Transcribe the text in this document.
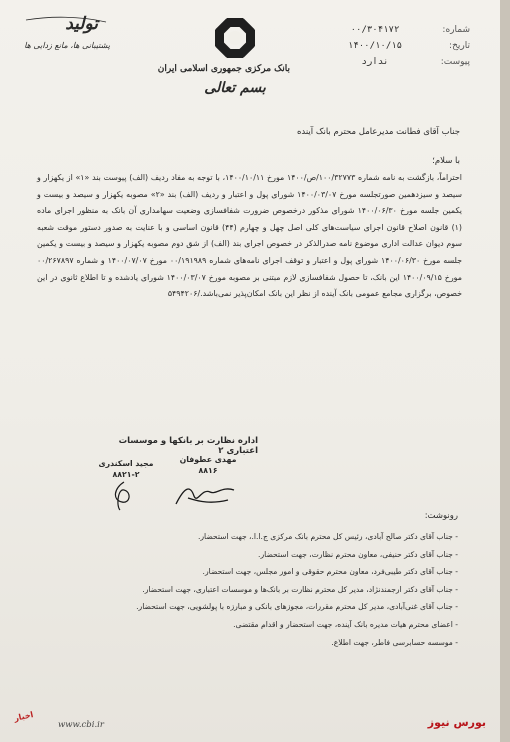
تولید
پشتیبانی ها، مانع زدایی ها
بانک مرکزی جمهوری اسلامی ایران
بسم تعالی
شماره:
۰۰/۳۰۴۱۷۲
تاریخ:
۱۴۰۰/۱۰/۱۵
پیوست:
ندارد
جناب آقای فطانت مدیرعامل محترم بانک آینده
با سلام؛
احتراماً، بازگشت به نامه شماره ۱۰۰/۳۲۷۷۳/ص/۱۴۰۰ مورخ ۱۴۰۰/۱۰/۱۱، با توجه به مفاد ردیف (الف) پیوست بند «۱» از یکهزار و سیصد و سیزدهمین صورتجلسه مورخ ۱۴۰۰/۰۳/۰۷ شورای پول و اعتبار و ردیف (الف) بند «۲» مصوبه یکهزار و سیصد و بیست و یکمین جلسه مورخ ۱۴۰۰/۰۶/۳۰ شورای مذکور درخصوص ضرورت شفافسازی وضعیت سهامداری آن بانک به منظور اجرای ماده (۱) قانون اصلاح قانون اجرای سیاست‌های کلی اصل چهل و چهارم (۴۴) قانون اساسی و با عنایت به صدور دستور موقت شعبه سوم دیوان عدالت اداری موضوع نامه صدرالذکر در خصوص اجرای بند (الف) از شق دوم مصوبه یکهزار و سیصد و بیست و یکمین جلسه مورخ ۱۴۰۰/۰۶/۳۰ شورای پول و اعتبار و توقف اجرای نامه‌های شماره ۰۰/۱۹۱۹۸۹ مورخ ۱۴۰۰/۰۷/۰۷ و شماره ۰۰/۲۶۷۸۹۷ مورخ ۱۴۰۰/۰۹/۱۵ این بانک، تا حصول شفافسازی لازم مبتنی بر مصوبه مورخ ۱۴۰۰/۰۳/۰۷ شورای یادشده و تا اطلاع ثانوی در این خصوص، برگزاری مجامع عمومی بانک آینده از نظر این بانک امکان‌پذیر نمی‌باشد./۵۴۹۴۲۰۶
اداره نظارت بر بانکها و موسسات اعتباری ۲
مهدی عطوفان
۸۸۱۶
مجید اسکندری
۸۸۲۱-۲
رونوشت:
- جناب آقای دکتر صالح آبادی، رئیس کل محترم بانک مرکزی ج.ا.ا.، جهت استحضار.
- جناب آقای دکتر حنیفی، معاون محترم نظارت، جهت استحضار.
- جناب آقای دکتر طیبی‌فرد، معاون محترم حقوقی و امور مجلس، جهت استحضار.
- جناب آقای دکتر ارجمندنژاد، مدیر کل محترم نظارت بر بانک‌ها و موسسات اعتباری، جهت استحضار.
- جناب آقای غنی‌آبادی، مدیر کل محترم مقررات، مجوزهای بانکی و مبارزه با پولشویی، جهت استحضار.
- اعضای محترم هیات مدیره بانک آینده، جهت استحضار و اقدام مقتضی.
- موسسه حسابرسی فاطر، جهت اطلاع.
www.cbi.ir
اخبار	بورس نیوز
